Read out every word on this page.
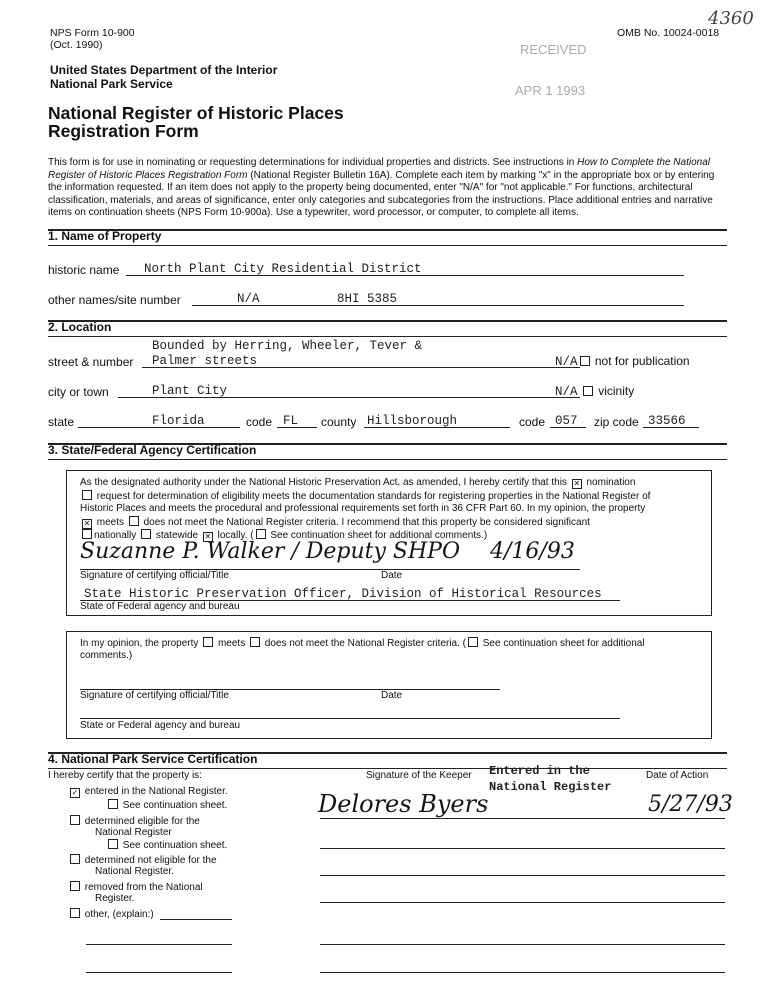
NPS Form 10-900
(Oct. 1990)
OMB No. 10024-0018
4360
RECEIVED
APR 1 1993
United States Department of the Interior
National Park Service
National Register of Historic Places
Registration Form

This form is for use in nominating or requesting determinations for individual properties and districts. See instructions in How to Complete the National Register of Historic Places Registration Form (National Register Bulletin 16A). Complete each item by marking "x" in the appropriate box or by entering the information requested. If an item does not apply to the property being documented, enter "N/A" for "not applicable." For functions, architectural classification, materials, and areas of significance, enter only categories and subcategories from the instructions. Place additional entries and narrative items on continuation sheets (NPS Form 10-900a). Use a typewriter, word processor, or computer, to complete all items.

1. Name of Property
historic name North Plant City Residential District
other names/site number	N/A	8HI 5385
2. Location
Bounded by Herring, Wheeler, Tever &
street & number Palmer streets	N/A not for publication
city or town	Plant City	N/A vicinity
state	Florida	code FL county Hillsborough	code 057 zip code 33566
3. State/Federal Agency Certification
As the designated authority under the National Historic Preservation Act, as amended, I hereby certify that this ✕ nomination
request for determination of eligibility meets the documentation standards for registering properties in the National Register of
Historic Places and meets the procedural and professional requirements set forth in 36 CFR Part 60. In my opinion, the property
✕ meets does not meet the National Register criteria. I recommend that this property be considered significant
nationally statewide ✕ locally. ( See continuation sheet for additional comments.)
Suzanne P. Walker / Deputy SHPO 4/16/93
Signature of certifying official/Title	Date
State Historic Preservation Officer, Division of Historical Resources
State of Federal agency and bureau
In my opinion, the property meets does not meet the National Register criteria. ( See continuation sheet for additional
comments.)
Signature of certifying official/Title	Date
State or Federal agency and bureau
4. National Park Service Certification
I hereby certify that the property is:
✓ entered in the National Register.
See continuation sheet.
determined eligible for the
National Register
See continuation sheet.
determined not eligible for the
National Register.
removed from the National
Register.
other, (explain:)
Signature of the Keeper	Date of Action
Entered in the
National Register
Delores Byers	5/27/93
